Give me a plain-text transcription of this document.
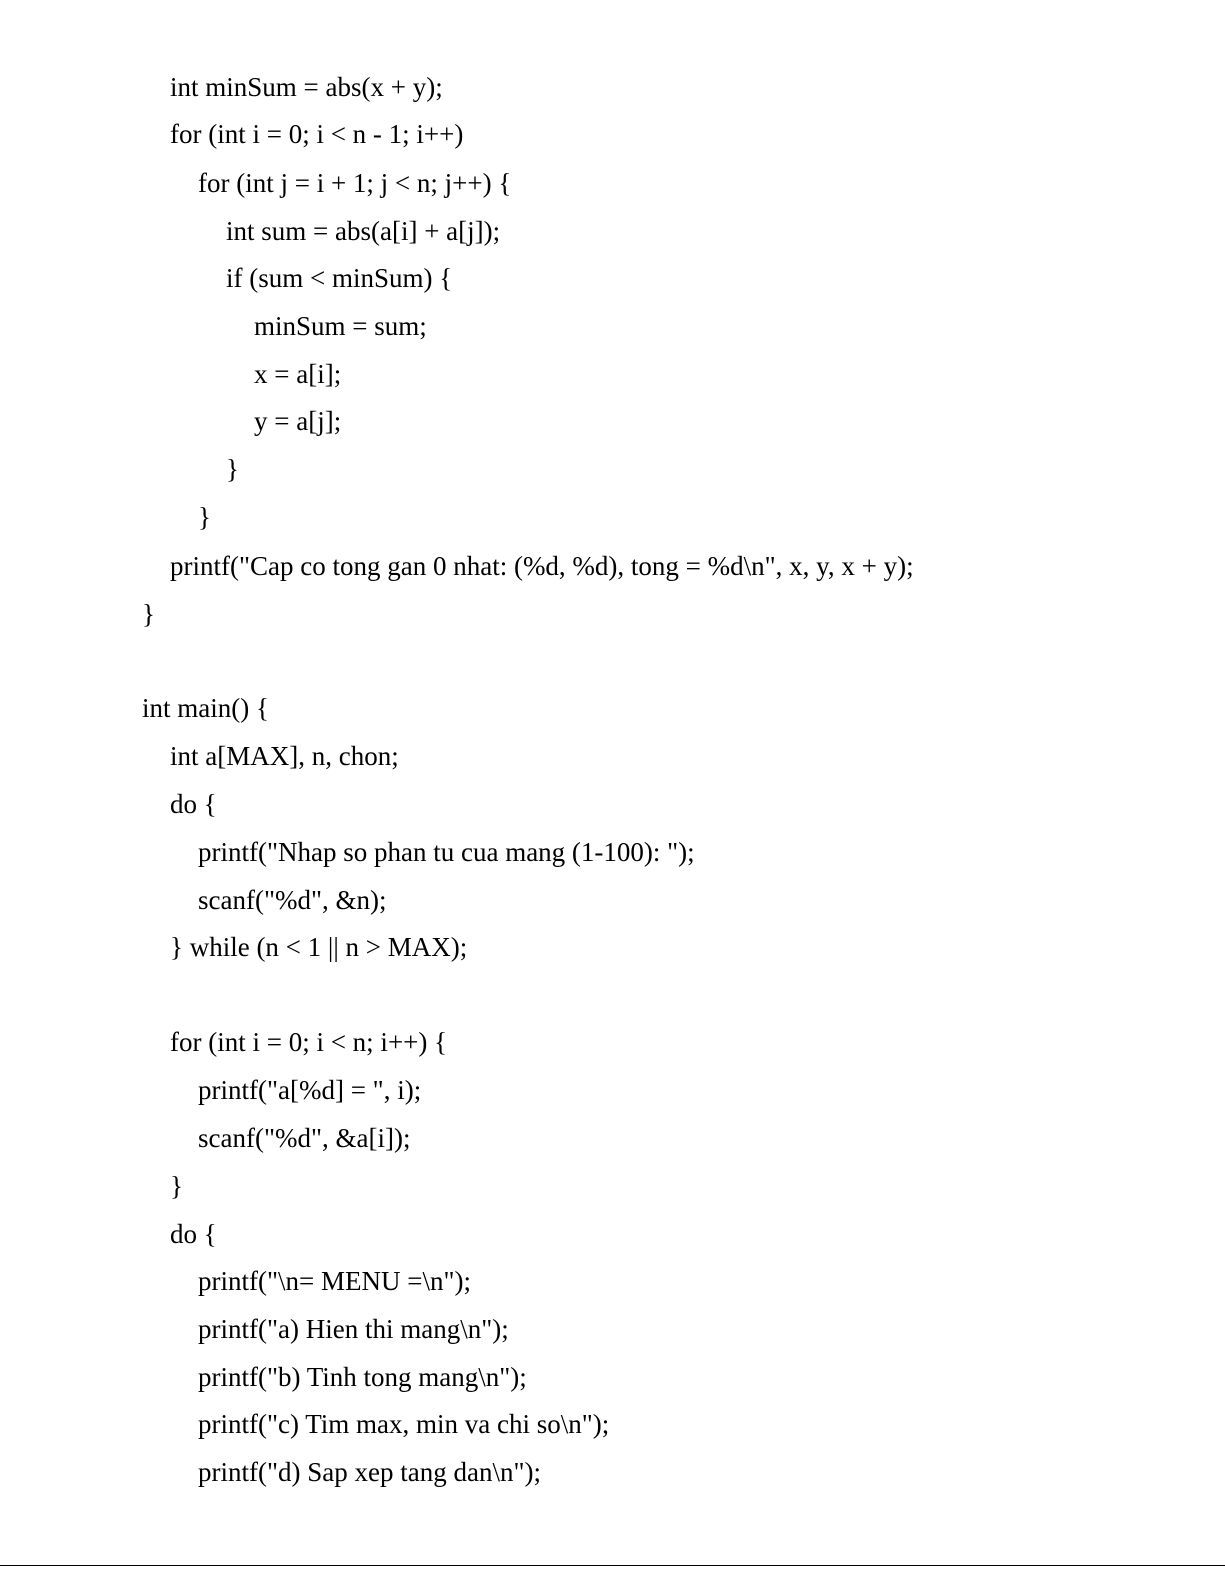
int minSum = abs(x + y);
for (int i = 0; i < n - 1; i++)
for (int j = i + 1; j < n; j++) {
int sum = abs(a[i] + a[j]);
if (sum < minSum) {
minSum = sum;
x = a[i];
y = a[j];
}
}
printf("Cap co tong gan 0 nhat: (%d, %d), tong = %d\n", x, y, x + y);
}
int main() {
int a[MAX], n, chon;
do {
printf("Nhap so phan tu cua mang (1-100): ");
scanf("%d", &n);
} while (n < 1 || n > MAX);
for (int i = 0; i < n; i++) {
printf("a[%d] = ", i);
scanf("%d", &a[i]);
}
do {
printf("\n= MENU =\n");
printf("a) Hien thi mang\n");
printf("b) Tinh tong mang\n");
printf("c) Tim max, min va chi so\n");
printf("d) Sap xep tang dan\n");
